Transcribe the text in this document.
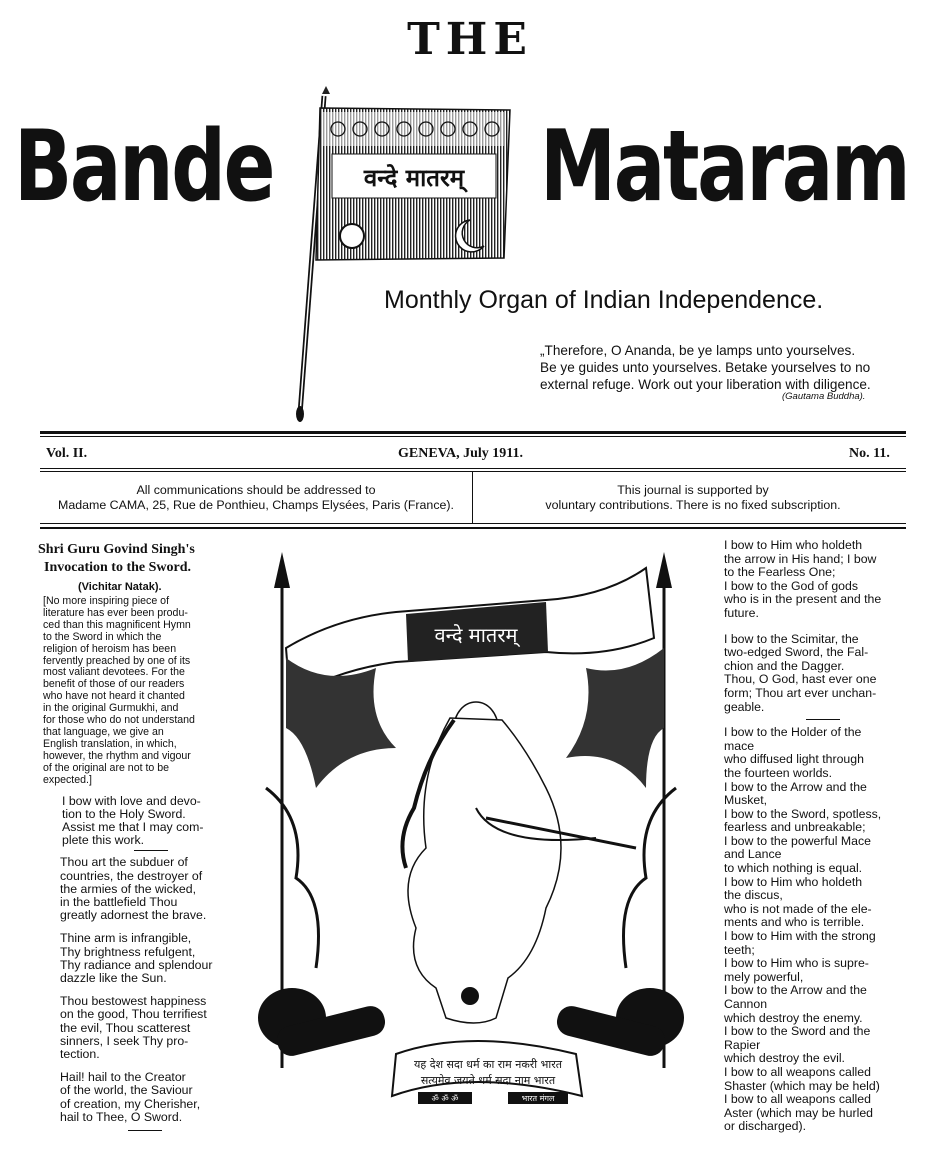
THE
Bande	Mataram
वन्दे मातरम्
Monthly Organ of Indian Independence.
„Therefore, O Ananda, be ye lamps unto yourselves.
Be ye guides unto yourselves. Betake yourselves to no
external refuge. Work out your liberation with diligence.
(Gautama Buddha).
Vol. II.	GENEVA, July 1911.	No. 11.
All communications should be addressed to
Madame CAMA, 25, Rue de Ponthieu, Champs Elysées, Paris (France).
This journal is supported by
voluntary contributions. There is no fixed subscription.
Shri Guru Govind Singh's
Invocation to the Sword.
(Vichitar Natak).
[No more inspiring piece of
literature has ever been produ-
ced than this magnificent Hymn
to the Sword in which the
religion of heroism has been
fervently preached by one of its
most valiant devotees. For the
benefit of those of our readers
who have not heard it chanted
in the original Gurmukhi, and
for those who do not understand
that language, we give an
English translation, in which,
however, the rhythm and vigour
of the original are not to be
expected.]
I bow with love and devo-
tion to the Holy Sword.
Assist me that I may com-
plete this work.
Thou art the subduer of
countries, the destroyer of
the armies of the wicked,
in the battlefield Thou
greatly adornest the brave.
Thine arm is infrangible,
Thy brightness refulgent,
Thy radiance and splendour
dazzle like the Sun.
Thou bestowest happiness
on the good, Thou terrifiest
the evil, Thou scatterest
sinners, I seek Thy pro-
tection.
Hail! hail to the Creator
of the world, the Saviour
of creation, my Cherisher,
hail to Thee, O Sword.
वन्दे मातरम्
यह देश सदा धर्म का राम नकरी भारत
सत्यमेव जयते धर्म सदा नाम भारत
ॐ ॐ ॐ	भारत मंगल
I bow to Him who holdeth
the arrow in His hand; I bow
to the Fearless One;
I bow to the God of gods
who is in the present and the
future.
I bow to the Scimitar, the
two-edged Sword, the Fal-
chion and the Dagger.
Thou, O God, hast ever one
form; Thou art ever unchan-
geable.
I bow to the Holder of the
mace
who diffused light through
the fourteen worlds.
I bow to the Arrow and the
Musket,
I bow to the Sword, spotless,
fearless and unbreakable;
I bow to the powerful Mace
and Lance
to which nothing is equal.
I bow to Him who holdeth
the discus,
who is not made of the ele-
ments and who is terrible.
I bow to Him with the strong
teeth;
I bow to Him who is supre-
mely powerful,
I bow to the Arrow and the
Cannon
which destroy the enemy.
I bow to the Sword and the
Rapier
which destroy the evil.
I bow to all weapons called
Shaster (which may be held)
I bow to all weapons called
Aster (which may be hurled
or discharged).
